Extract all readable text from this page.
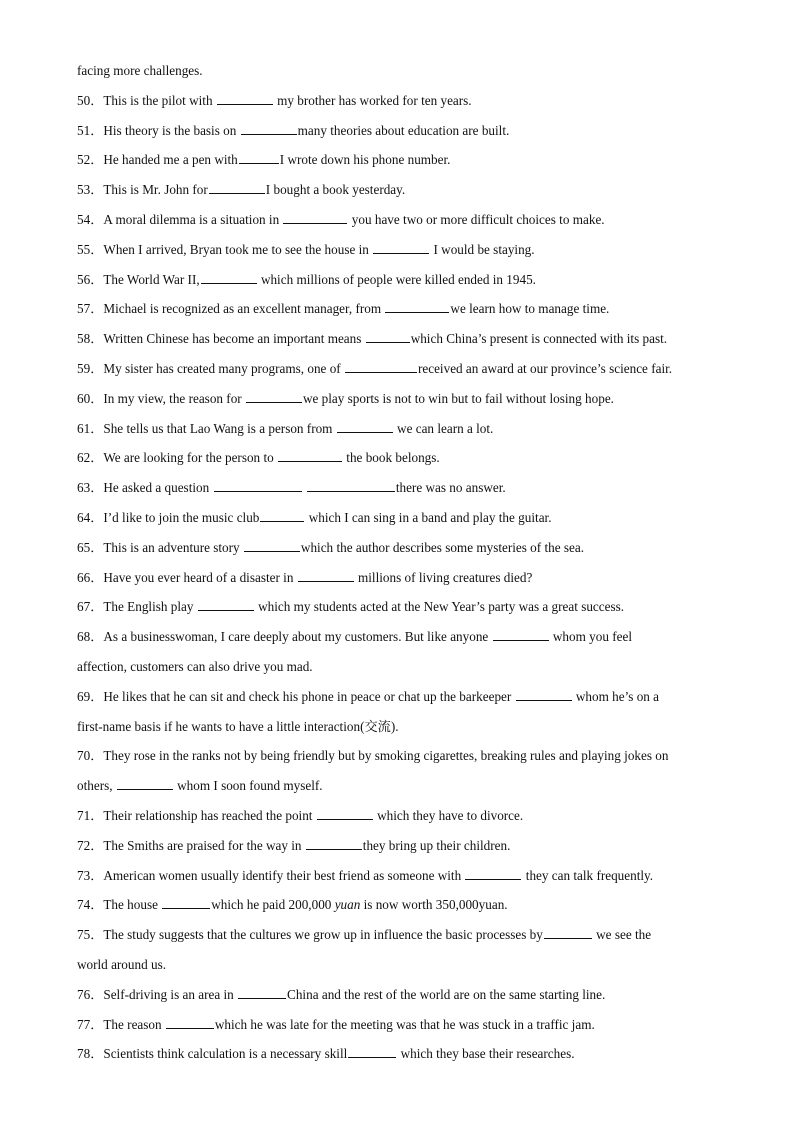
facing more challenges.
50．This is the pilot with	my brother has worked for ten years.
51．His theory is the basis on	many theories about education are built.
52．He handed me a pen with	I wrote down his phone number.
53．This is Mr. John for	I bought a book yesterday.
54．A moral dilemma is a situation in	you have two or more difficult choices to make.
55．When I arrived, Bryan took me to see the house in	I would be staying.
56．The World War II,	which millions of people were killed ended in 1945.
57．Michael is recognized as an excellent manager, from	we learn how to manage time.
58．Written Chinese has become an important means	which China’s present is connected with its past.
59．My sister has created many programs, one of	received an award at our province’s science fair.
60．In my view, the reason for	we play sports is not to win but to fail without losing hope.
61．She tells us that Lao Wang is a person from	we can learn a lot.
62．We are looking for the person to	the book belongs.
63．He asked a question	there was no answer.
64．I’d like to join the music club	which I can sing in a band and play the guitar.
65．This is an adventure story	which the author describes some mysteries of the sea.
66．Have you ever heard of a disaster in	millions of living creatures died?
67．The English play	which my students acted at the New Year’s party was a great success.
68．As a businesswoman, I care deeply about my customers. But like anyone	whom you feel
affection, customers can also drive you mad.
69．He likes that he can sit and check his phone in peace or chat up the barkeeper	whom he’s on a
first-name basis if he wants to have a little interaction(交流).
70．They rose in the ranks not by being friendly but by smoking cigarettes, breaking rules and playing jokes on
others,	whom I soon found myself.
71．Their relationship has reached the point	which they have to divorce.
72．The Smiths are praised for the way in	they bring up their children.
73．American women usually identify their best friend as someone with	they can talk frequently.
74．The house	which he paid 200,000 yuan is now worth 350,000yuan.
75．The study suggests that the cultures we grow up in influence the basic processes by	we see the
world around us.
76．Self-driving is an area in	China and the rest of the world are on the same starting line.
77．The reason	which he was late for the meeting was that he was stuck in a traffic jam.
78．Scientists think calculation is a necessary skill	which they base their researches.
